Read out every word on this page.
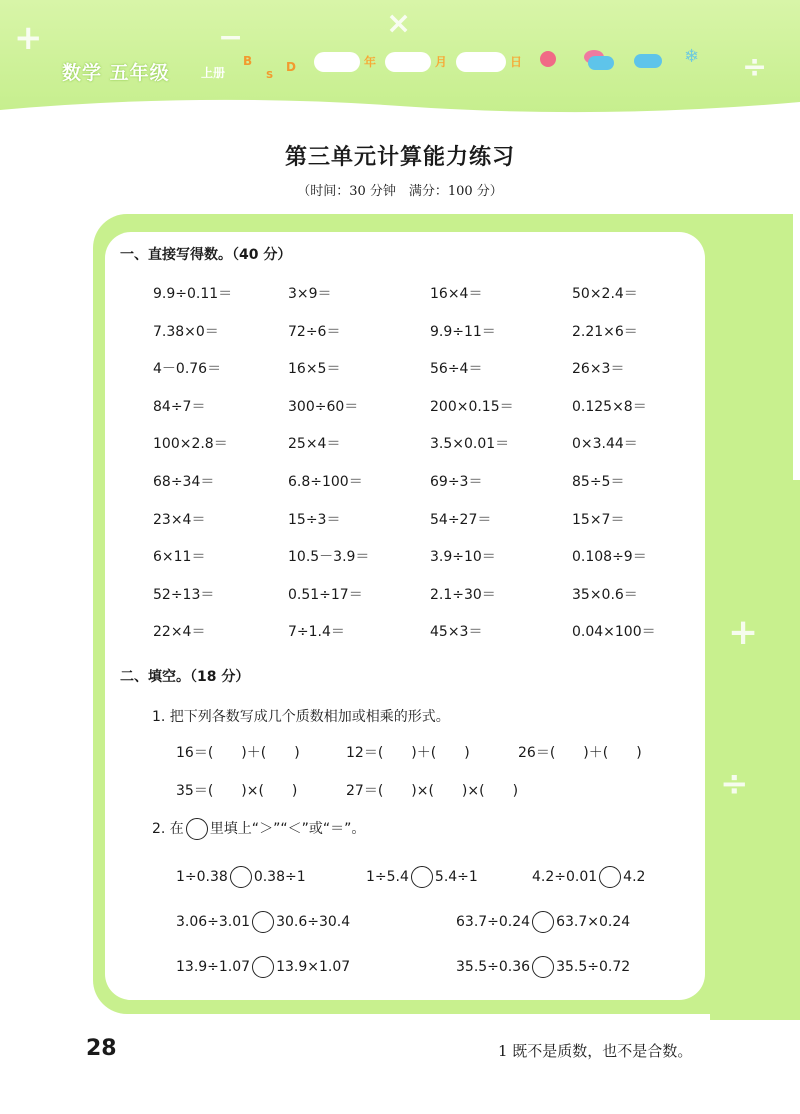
+	−	×
÷
数学 五年级	上册
B
S
D	年	月	日	❄
第三单元计算能力练习
（时间：30 分钟　满分：100 分）
+
÷
一、直接写得数。（40 分）
9.9÷0.11＝	3×9＝	16×4＝	50×2.4＝
7.38×0＝	72÷6＝	9.9÷11＝	2.21×6＝
4－0.76＝	16×5＝	56÷4＝	26×3＝
84÷7＝	300÷60＝	200×0.15＝	0.125×8＝
100×2.8＝	25×4＝	3.5×0.01＝	0×3.44＝
68÷34＝	6.8÷100＝	69÷3＝	85÷5＝
23×4＝	15÷3＝	54÷27＝	15×7＝
6×11＝	10.5－3.9＝	3.9÷10＝	0.108÷9＝
52÷13＝	0.51÷17＝	2.1÷30＝	35×0.6＝
22×4＝	7÷1.4＝	45×3＝	0.04×100＝
二、填空。（18 分）
1. 把下列各数写成几个质数相加或相乘的形式。
16＝(　　)＋(　　)	12＝(　　)＋(　　)	26＝(　　)＋(　　)
35＝(　　)×(　　)	27＝(　　)×(　　)×(　　)
2. 在 里填上“＞”“＜”或“＝”。
1÷0.38 0.38÷1	1÷5.4 5.4÷1	4.2÷0.01 4.2
3.06÷3.01 30.6÷30.4	63.7÷0.24 63.7×0.24
13.9÷1.07 13.9×1.07	35.5÷0.36 35.5÷0.72
28	1 既不是质数，也不是合数。
